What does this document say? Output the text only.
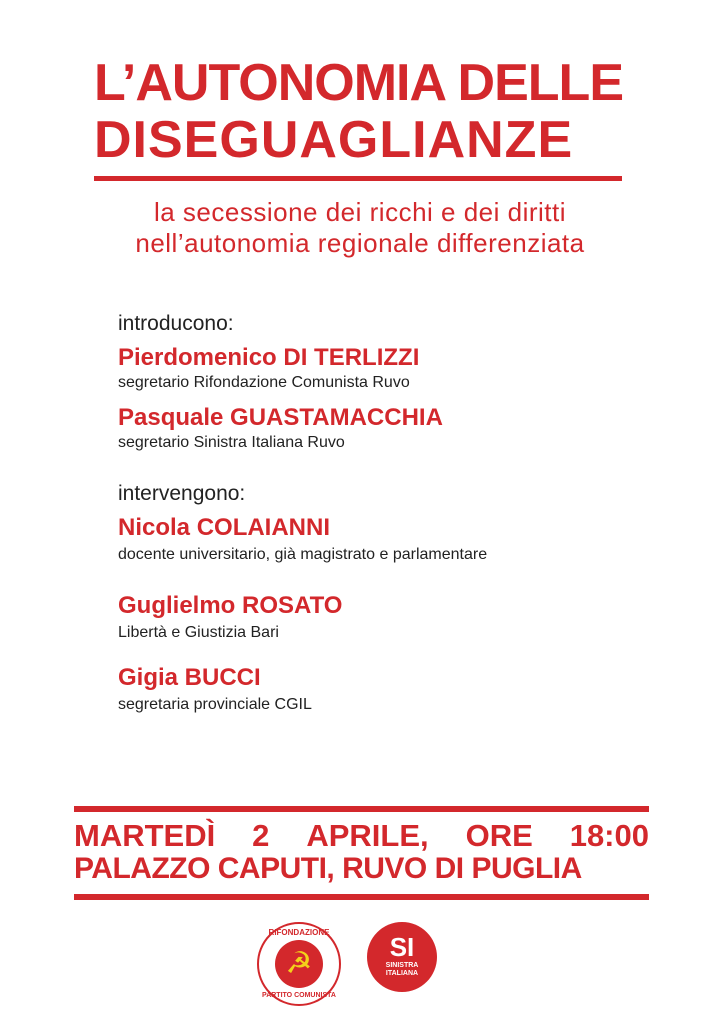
L’AUTONOMIA DELLE
DISEGUAGLIANZE
la secessione dei ricchi e dei diritti
nell’autonomia regionale differenziata
introducono:
Pierdomenico DI TERLIZZI
segretario Rifondazione Comunista Ruvo
Pasquale GUASTAMACCHIA
segretario Sinistra Italiana Ruvo
intervengono:
Nicola COLAIANNI
docente universitario, già magistrato e parlamentare
Guglielmo ROSATO
Libertà e Giustizia Bari
Gigia BUCCI
segretaria provinciale CGIL
MARTEDÌ 2 APRILE, ORE 18:00
PALAZZO CAPUTI, RUVO DI PUGLIA
RIFONDAZIONE
☭
PARTITO COMUNISTA
SI
SINISTRA
ITALIANA
